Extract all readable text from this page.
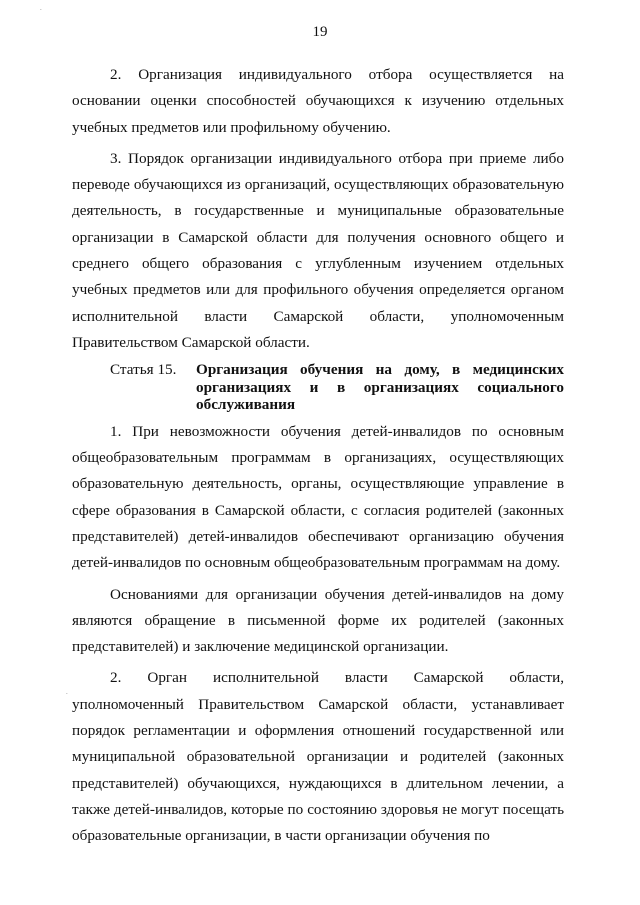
.
.
19

2. Организация индивидуального отбора осуществляется на основании оценки способностей обучающихся к изучению отдельных учебных предметов или профильному обучению.

3. Порядок организации индивидуального отбора при приеме либо переводе обучающихся из организаций, осуществляющих образовательную деятельность, в государственные и муниципальные образовательные организации в Самарской области для получения основного общего и среднего общего образования с углубленным изучением отдельных учебных предметов или для профильного обучения определяется органом исполнительной власти Самарской области, уполномоченным Правительством Самарской области.

Статья 15.	Организация обучения на дому, в медицинских организациях и в организациях социального обслуживания

1. При невозможности обучения детей-инвалидов по основным общеобразовательным программам в организациях, осуществляющих образовательную деятельность, органы, осуществляющие управление в сфере образования в Самарской области, с согласия родителей (законных представителей) детей-инвалидов обеспечивают организацию обучения детей-инвалидов по основным общеобразовательным программам на дому.

Основаниями для организации обучения детей-инвалидов на дому являются обращение в письменной форме их родителей (законных представителей) и заключение медицинской организации.

2. Орган исполнительной власти Самарской области, уполномоченный Правительством Самарской области, устанавливает порядок регламентации и оформления отношений государственной или муниципальной образовательной организации и родителей (законных представителей) обучающихся, нуждающихся в длительном лечении, а также детей-инвалидов, которые по состоянию здоровья не могут посещать образовательные организации, в части организации обучения по
